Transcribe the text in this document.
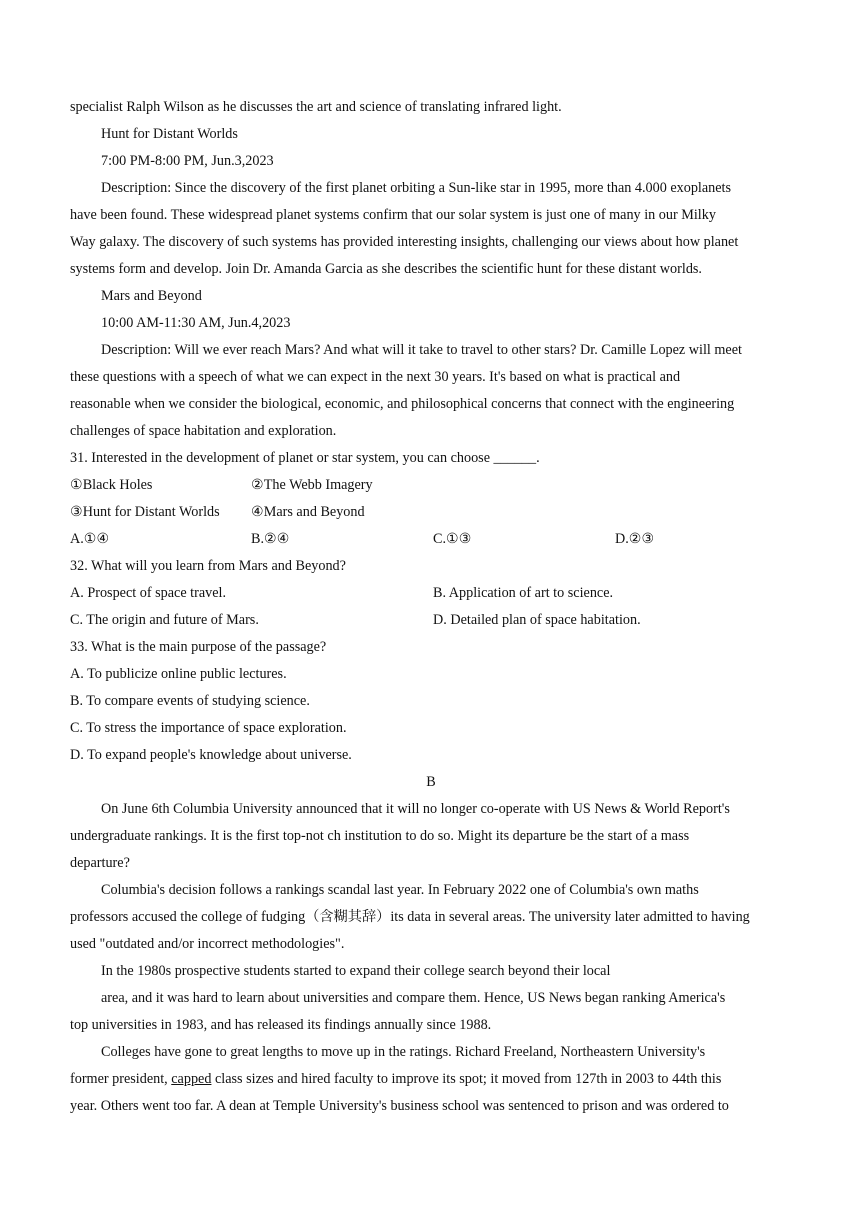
specialist Ralph Wilson as he discusses the art and science of translating infrared light.
Hunt for Distant Worlds
7:00 PM-8:00 PM, Jun.3,2023
Description: Since the discovery of the first planet orbiting a Sun-like star in 1995, more than 4.000 exoplanets
have been found. These widespread planet systems confirm that our solar system is just one of many in our Milky
Way galaxy. The discovery of such systems has provided interesting insights, challenging our views about how planet
systems form and develop. Join Dr. Amanda Garcia as she describes the scientific hunt for these distant worlds.
Mars and Beyond
10:00 AM-11:30 AM, Jun.4,2023
Description: Will we ever reach Mars? And what will it take to travel to other stars? Dr. Camille Lopez will meet
these questions with a speech of what we can expect in the next 30 years. It's based on what is practical and
reasonable when we consider the biological, economic, and philosophical concerns that connect with the engineering
challenges of space habitation and exploration.
31. Interested in the development of planet or star system, you can choose ______.
①Black Holes	②The Webb Imagery
③Hunt for Distant Worlds ④Mars and Beyond
A.①④	B.②④	C.①③	D.②③
32. What will you learn from Mars and Beyond?
A. Prospect of space travel.	B. Application of art to science.
C. The origin and future of Mars.	D. Detailed plan of space habitation.
33. What is the main purpose of the passage?
A. To publicize online public lectures.
B. To compare events of studying science.
C. To stress the importance of space exploration.
D. To expand people's knowledge about universe.
B
On June 6th Columbia University announced that it will no longer co-operate with US News & World Report's
undergraduate rankings. It is the first top-not ch institution to do so. Might its departure be the start of a mass
departure?
Columbia's decision follows a rankings scandal last year. In February 2022 one of Columbia's own maths
professors accused the college of fudging（含糊其辞）its data in several areas. The university later admitted to having
used "outdated and/or incorrect methodologies".
In the 1980s prospective students started to expand their college search beyond their local
area, and it was hard to learn about universities and compare them. Hence, US News began ranking America's
top universities in 1983, and has released its findings annually since 1988.
Colleges have gone to great lengths to move up in the ratings. Richard Freeland, Northeastern University's
former president, capped class sizes and hired faculty to improve its spot; it moved from 127th in 2003 to 44th this
year. Others went too far. A dean at Temple University's business school was sentenced to prison and was ordered to
